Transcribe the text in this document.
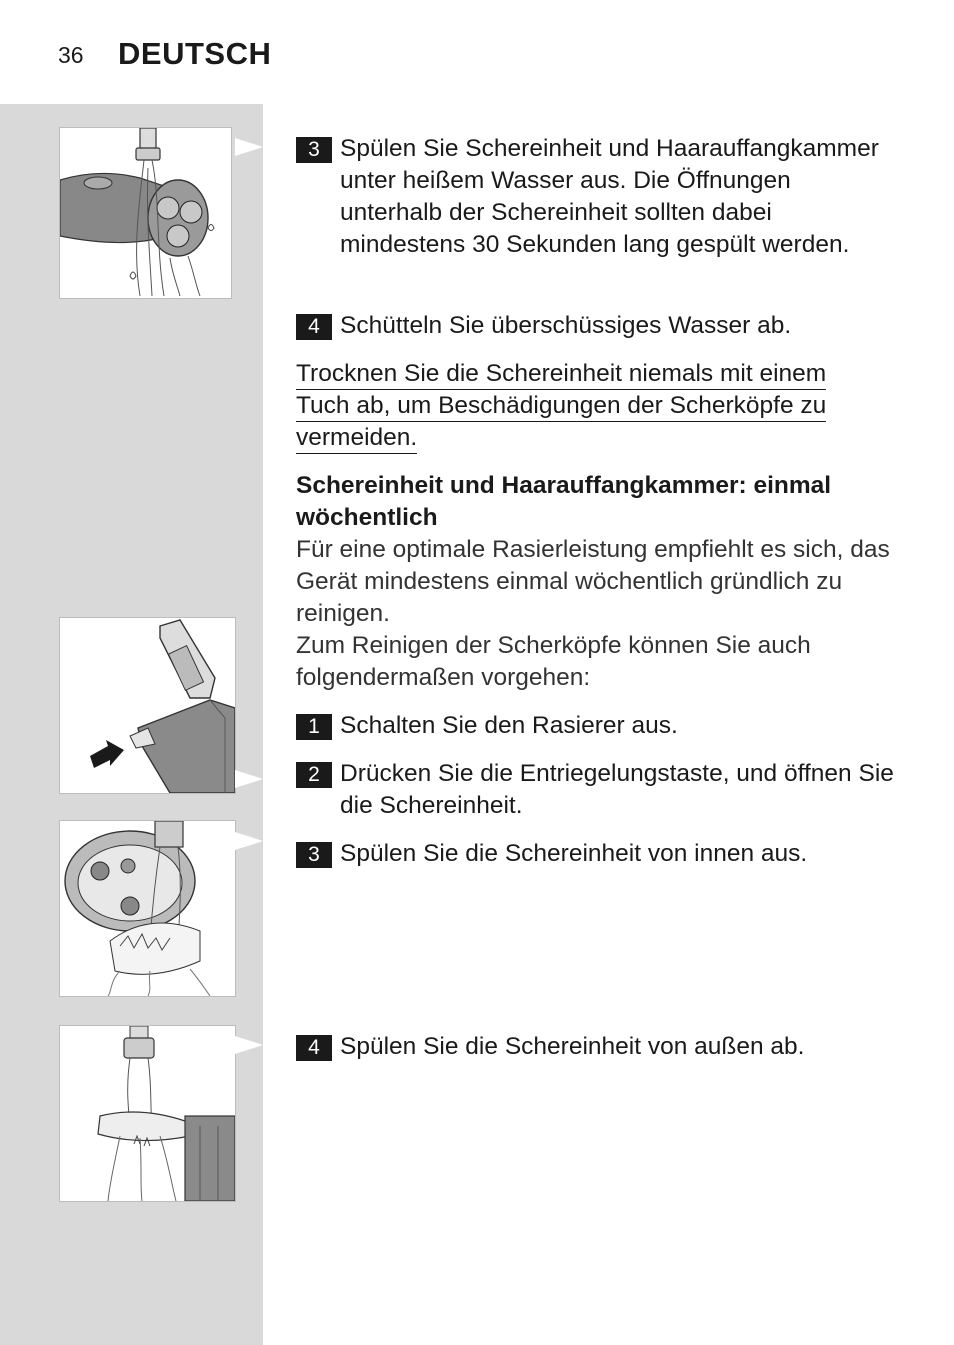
36 DEUTSCH
3 Spülen Sie Schereinheit und Haarauffangkammer unter heißem Wasser aus. Die Öffnungen unterhalb der Schereinheit sollten dabei mindestens 30 Sekunden lang gespült werden.
4 Schütteln Sie überschüssiges Wasser ab.
Trocknen Sie die Schereinheit niemals mit einem
Tuch ab, um Beschädigungen der Scherköpfe zu
vermeiden.
Schereinheit und Haarauffangkammer: einmal wöchentlich
Für eine optimale Rasierleistung empfiehlt es sich, das Gerät mindestens einmal wöchentlich gründlich zu reinigen.
Zum Reinigen der Scherköpfe können Sie auch folgendermaßen vorgehen:
1 Schalten Sie den Rasierer aus.
2 Drücken Sie die Entriegelungstaste, und öffnen Sie die Schereinheit.
3 Spülen Sie die Schereinheit von innen aus.
4 Spülen Sie die Schereinheit von außen ab.
